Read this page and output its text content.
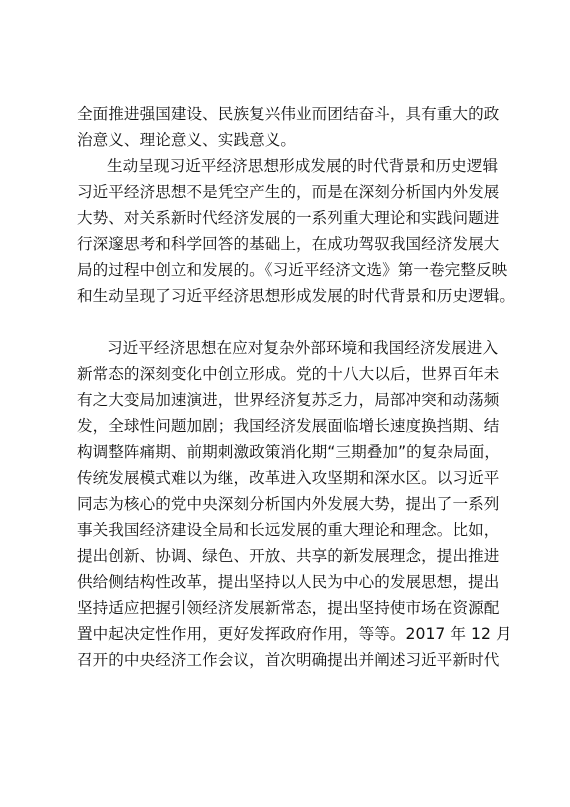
全面推进强国建设、民族复兴伟业而团结奋斗，具有重大的政
治意义、理论意义、实践意义。
生动呈现习近平经济思想形成发展的时代背景和历史逻辑
习近平经济思想不是凭空产生的，而是在深刻分析国内外发展
大势、对关系新时代经济发展的一系列重大理论和实践问题进
行深邃思考和科学回答的基础上，在成功驾驭我国经济发展大
局的过程中创立和发展的。《习近平经济文选》第一卷完整反映
和生动呈现了习近平经济思想形成发展的时代背景和历史逻辑。
习近平经济思想在应对复杂外部环境和我国经济发展进入
新常态的深刻变化中创立形成。党的十八大以后，世界百年未
有之大变局加速演进，世界经济复苏乏力，局部冲突和动荡频
发，全球性问题加剧；我国经济发展面临增长速度换挡期、结
构调整阵痛期、前期刺激政策消化期“三期叠加”的复杂局面，
传统发展模式难以为继，改革进入攻坚期和深水区。以习近平
同志为核心的党中央深刻分析国内外发展大势，提出了一系列
事关我国经济建设全局和长远发展的重大理论和理念。比如，
提出创新、协调、绿色、开放、共享的新发展理念，提出推进
供给侧结构性改革，提出坚持以人民为中心的发展思想，提出
坚持适应把握引领经济发展新常态，提出坚持使市场在资源配
置中起决定性作用，更好发挥政府作用，等等。2017 年 12 月
召开的中央经济工作会议，首次明确提出并阐述习近平新时代
